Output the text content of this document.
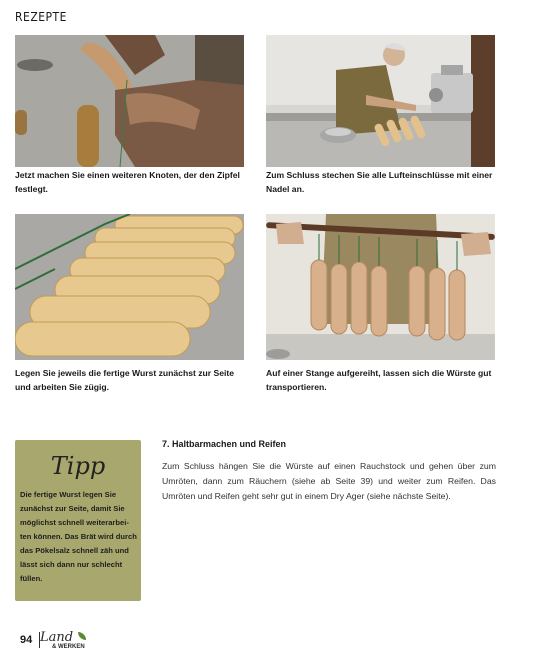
REZEPTE
Jetzt machen Sie einen weiteren Knoten, der den Zipfel festlegt.
Zum Schluss stechen Sie alle Lufteinschlüsse mit einer Nadel an.
Legen Sie jeweils die fertige Wurst zunächst zur Seite und arbeiten Sie zügig.
Auf einer Stange aufgereiht, lassen sich die Würste gut transportieren.
Tipp
Die fertige Wurst legen Sie zunächst zur Seite, damit Sie möglichst schnell weiterarbei-ten können. Das Brät wird durch das Pökelsalz schnell zäh und lässt sich dann nur schlecht füllen.
7. Haltbarmachen und Reifen
Zum Schluss hängen Sie die Würste auf einen Rauchstock und gehen über zum Umröten, dann zum Räuchern (siehe ab Seite 39) und weiter zum Reifen. Das Umröten und Reifen geht sehr gut in einem Dry Ager (siehe nächste Seite).
94 Land
& WERKEN
